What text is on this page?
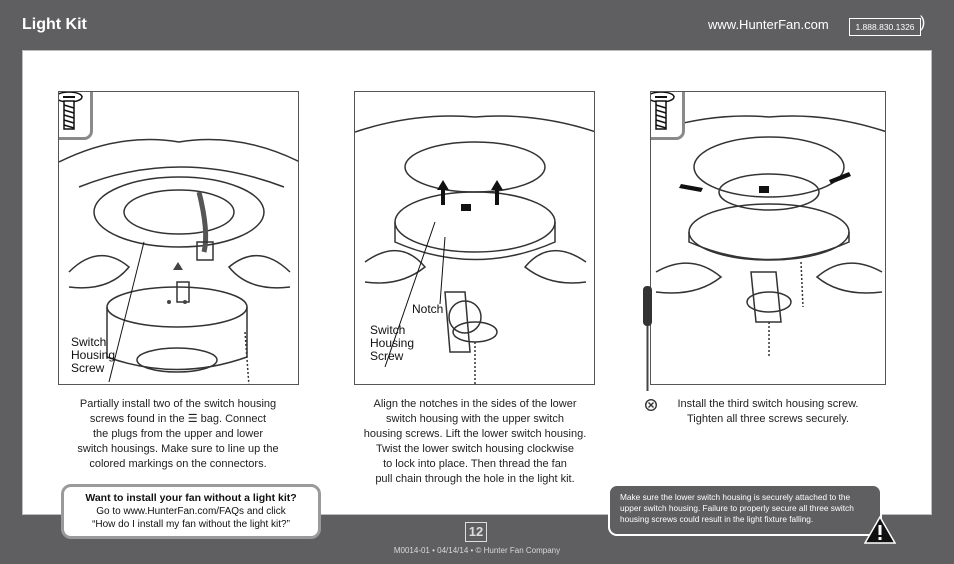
Light Kit	www.HunterFan.com	1.888.830.1326 )
Switch
Housing
Screw
Notch
Switch
Housing
Screw
Partially install two of the switch housing
screws found in the ☰ bag. Connect
the plugs from the upper and lower
switch housings. Make sure to line up the
colored markings on the connectors.
Align the notches in the sides of the lower
switch housing with the upper switch
housing screws. Lift the lower switch housing.
Twist the lower switch housing clockwise
to lock into place. Then thread the fan
pull chain through the hole in the light kit.
Install the third switch housing screw.
Tighten all three screws securely.
Want to install your fan without a light kit?
Go to www.HunterFan.com/FAQs and click
“How do I install my fan without the light kit?”
Make sure the lower switch housing is securely attached to the upper switch housing. Failure to properly secure all three switch housing screws could result in the light fixture falling.
12
M0014-01 • 04/14/14 • © Hunter Fan Company
